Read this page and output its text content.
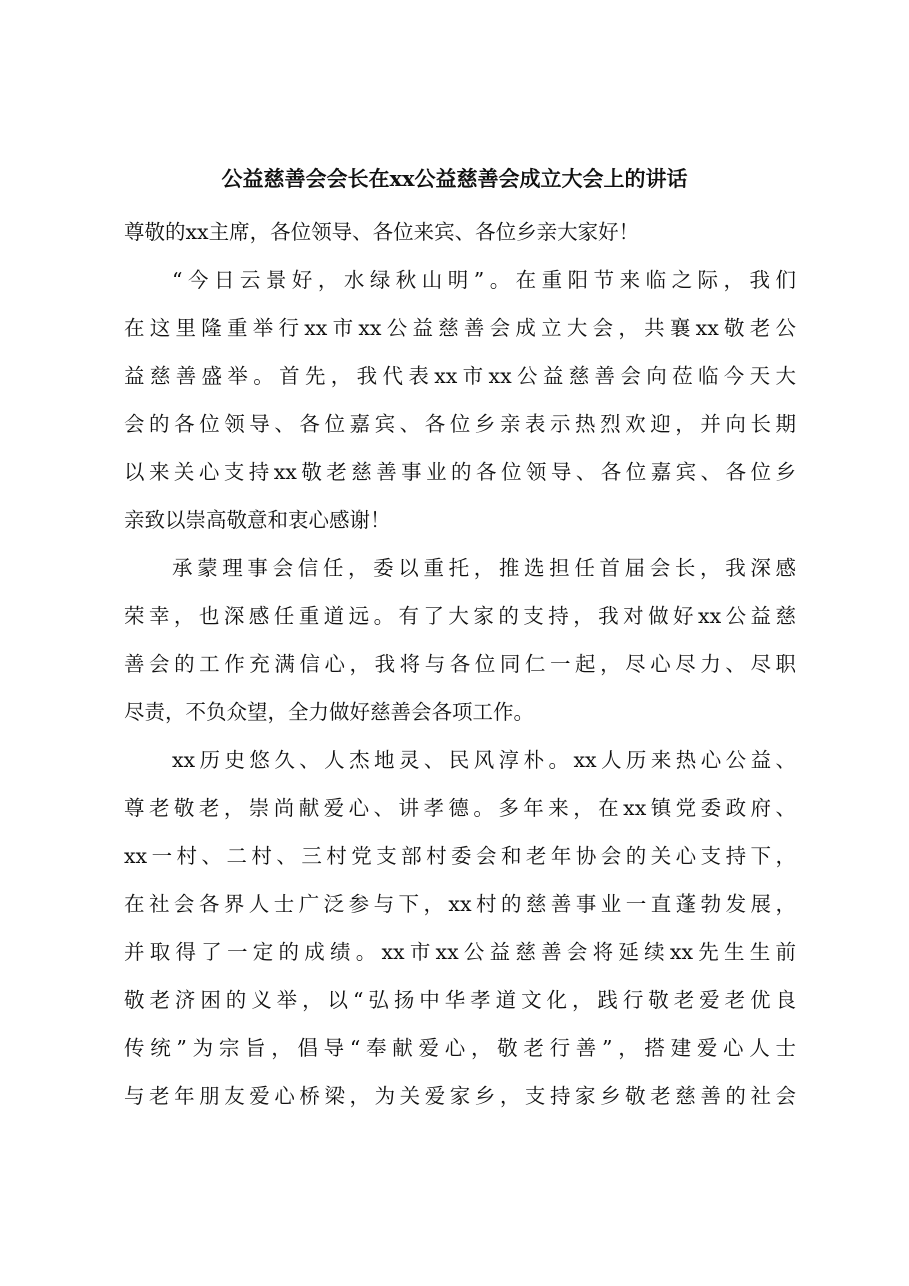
公益慈善会会长在xx公益慈善会成立大会上的讲话

尊敬的xx主席，各位领导、各位来宾、各位乡亲大家好！

“今日云景好，水绿秋山明”。在重阳节来临之际，我们

在这里隆重举行xx市xx公益慈善会成立大会，共襄xx敬老公

益慈善盛举。首先，我代表xx市xx公益慈善会向莅临今天大

会的各位领导、各位嘉宾、各位乡亲表示热烈欢迎，并向长期

以来关心支持xx敬老慈善事业的各位领导、各位嘉宾、各位乡

亲致以崇高敬意和衷心感谢！

承蒙理事会信任，委以重托，推选担任首届会长，我深感

荣幸，也深感任重道远。有了大家的支持，我对做好xx公益慈

善会的工作充满信心，我将与各位同仁一起，尽心尽力、尽职

尽责，不负众望，全力做好慈善会各项工作。

xx历史悠久、人杰地灵、民风淳朴。xx人历来热心公益、

尊老敬老，崇尚献爱心、讲孝德。多年来，在xx镇党委政府、

xx一村、二村、三村党支部村委会和老年协会的关心支持下，

在社会各界人士广泛参与下，xx村的慈善事业一直蓬勃发展，

并取得了一定的成绩。xx市xx公益慈善会将延续xx先生生前

敬老济困的义举，以“弘扬中华孝道文化，践行敬老爱老优良

传统”为宗旨，倡导“奉献爱心，敬老行善”，搭建爱心人士

与老年朋友爱心桥梁，为关爱家乡，支持家乡敬老慈善的社会
